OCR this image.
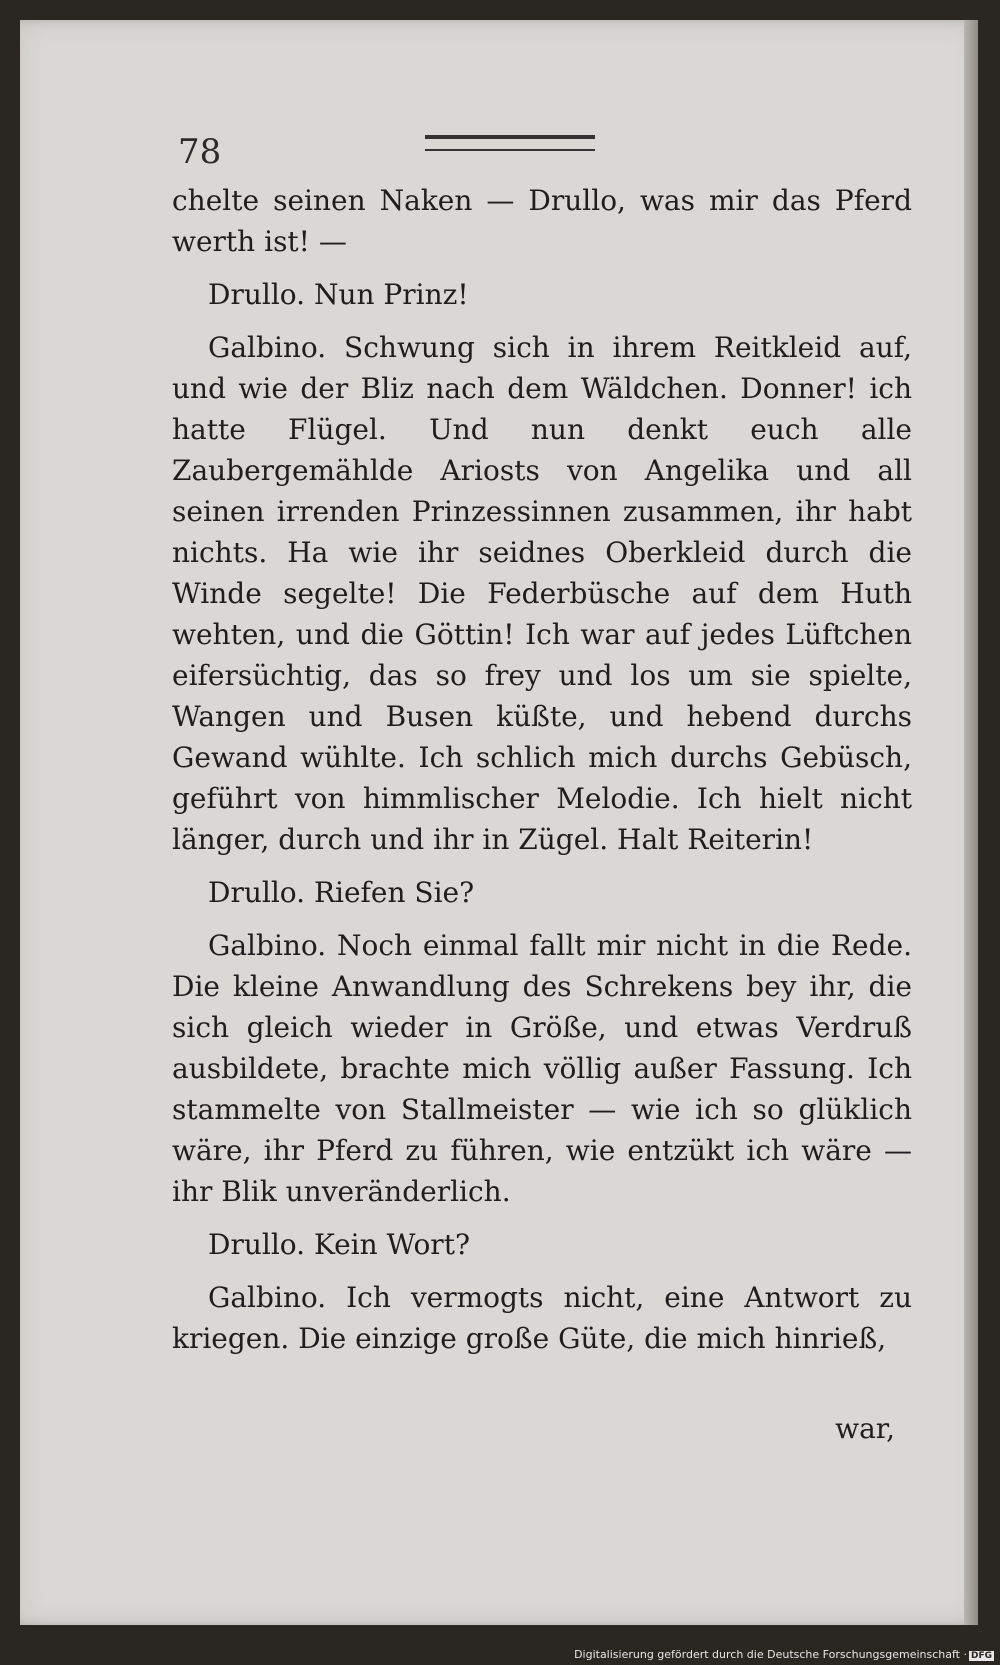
78

chelte seinen Naken — Drullo, was mir das Pferd werth ist! —

Drullo. Nun Prinz!

Galbino. Schwung sich in ihrem Reitkleid auf, und wie der Bliz nach dem Wäldchen. Donner! ich hatte Flügel. Und nun denkt euch alle Zaubergemählde Ariosts von Angelika und all seinen irrenden Prinzessinnen zusammen, ihr habt nichts. Ha wie ihr seidnes Oberkleid durch die Winde segelte! Die Federbüsche auf dem Huth wehten, und die Göttin! Ich war auf jedes Lüftchen eifersüchtig, das so frey und los um sie spielte, Wangen und Busen küßte, und hebend durchs Gewand wühlte. Ich schlich mich durchs Gebüsch, geführt von himmlischer Melodie. Ich hielt nicht länger, durch und ihr in Zügel. Halt Reiterin!

Drullo. Riefen Sie?

Galbino. Noch einmal fallt mir nicht in die Rede. Die kleine Anwandlung des Schrekens bey ihr, die sich gleich wieder in Größe, und etwas Verdruß ausbildete, brachte mich völlig außer Fassung. Ich stammelte von Stallmeister — wie ich so glüklich wäre, ihr Pferd zu führen, wie entzükt ich wäre — ihr Blik unveränderlich.

Drullo. Kein Wort?

Galbino. Ich vermogts nicht, eine Antwort zu kriegen. Die einzige große Güte, die mich hinrieß,

war,
Digitalisierung gefördert durch die Deutsche Forschungsgemeinschaft · DFG
